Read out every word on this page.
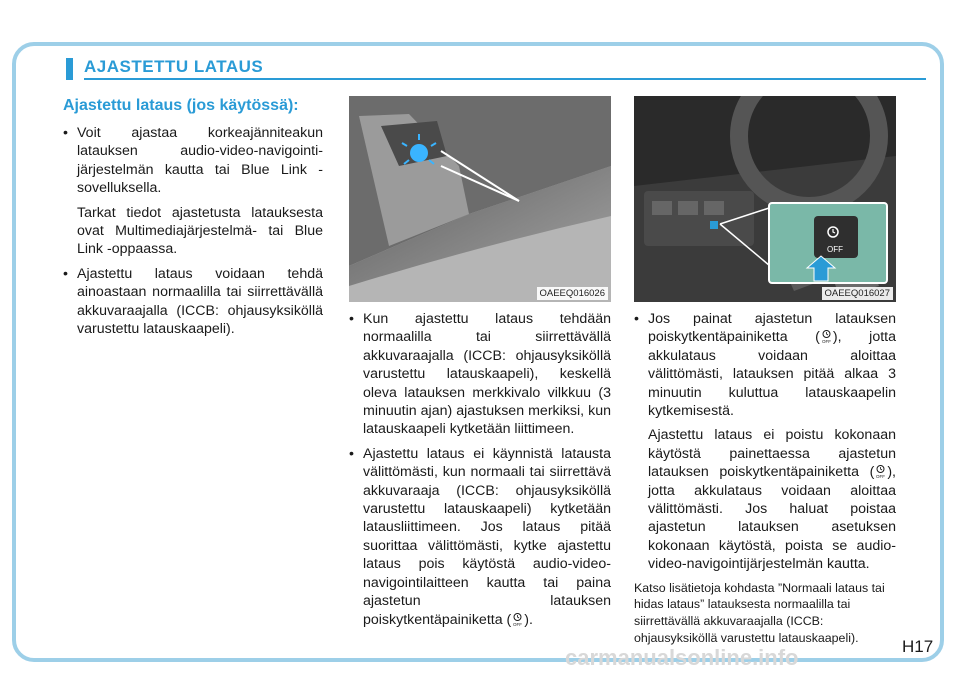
AJASTETTU LATAUS

Ajastettu lataus (jos käytössä):

• Voit ajastaa korkeajänniteakun latauksen audio-video-navigointi-järjestelmän kautta tai Blue Link -sovelluksella.

Tarkat tiedot ajastetusta latauksesta ovat Multimediajärjestelmä- tai Blue Link -oppaassa.

• Ajastettu lataus voidaan tehdä ainoastaan normaalilla tai siirrettävällä akkuvaraajalla (ICCB: ohjausyksiköllä varustettu latauskaapeli).

OAEEQ016026
OFF
OAEEQ016027

• Kun ajastettu lataus tehdään normaalilla tai siirrettävällä akkuvaraajalla (ICCB: ohjausyksiköllä varustettu latauskaapeli), keskellä oleva latauksen merkkivalo vilkkuu (3 minuutin ajan) ajastuksen merkiksi, kun latauskaapeli kytketään liittimeen.

• Ajastettu lataus ei käynnistä latausta välittömästi, kun normaali tai siirrettävä akkuvaraaja (ICCB: ohjausyksiköllä varustettu latauskaapeli) kytketään latausliittimeen. Jos lataus pitää suorittaa välittömästi, kytke ajastettu lataus pois käytöstä audio-video-navigointilaitteen kautta tai paina ajastetun latauksen poiskytkentäpainiketta ( OFF ).

• Jos painat ajastetun latauksen poiskytkentäpainiketta ( OFF ), jotta akkulataus voidaan aloittaa välittömästi, latauksen pitää alkaa 3 minuutin kuluttua latauskaapelin kytkemisestä.

Ajastettu lataus ei poistu kokonaan käytöstä painettaessa ajastetun latauksen poiskytkentäpainiketta ( OFF ), jotta akkulataus voidaan aloittaa välittömästi. Jos haluat poistaa ajastetun latauksen asetuksen kokonaan käytöstä, poista se audio-video-navigointijärjestelmän kautta.

Katso lisätietoja kohdasta ”Normaali lataus tai hidas lataus” latauksesta normaalilla tai siirrettävällä akkuvaraajalla (ICCB: ohjausyksiköllä varustettu latauskaapeli).	H17
carmanualsonline.info
